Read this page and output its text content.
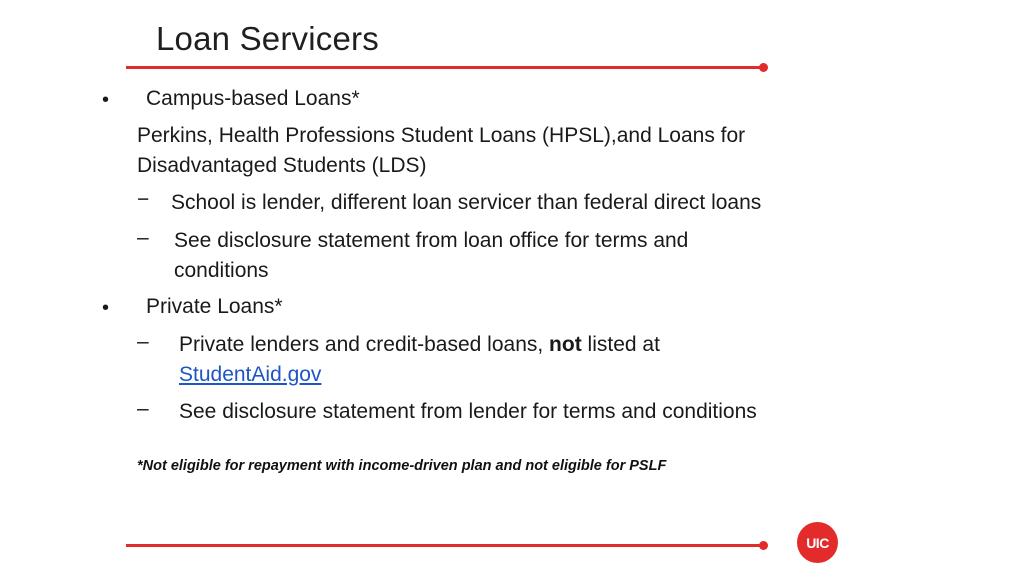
Loan Servicers
• Campus-based Loans*
Perkins, Health Professions Student Loans (HPSL),and Loans for
Disadvantaged Students (LDS)
− School is lender, different loan servicer than federal direct loans
– See disclosure statement from loan office for terms and
conditions
• Private Loans*
– Private lenders and credit-based loans, not listed at
StudentAid.gov
– See disclosure statement from lender for terms and conditions
*Not eligible for repayment with income-driven plan and not eligible for PSLF
UIC
